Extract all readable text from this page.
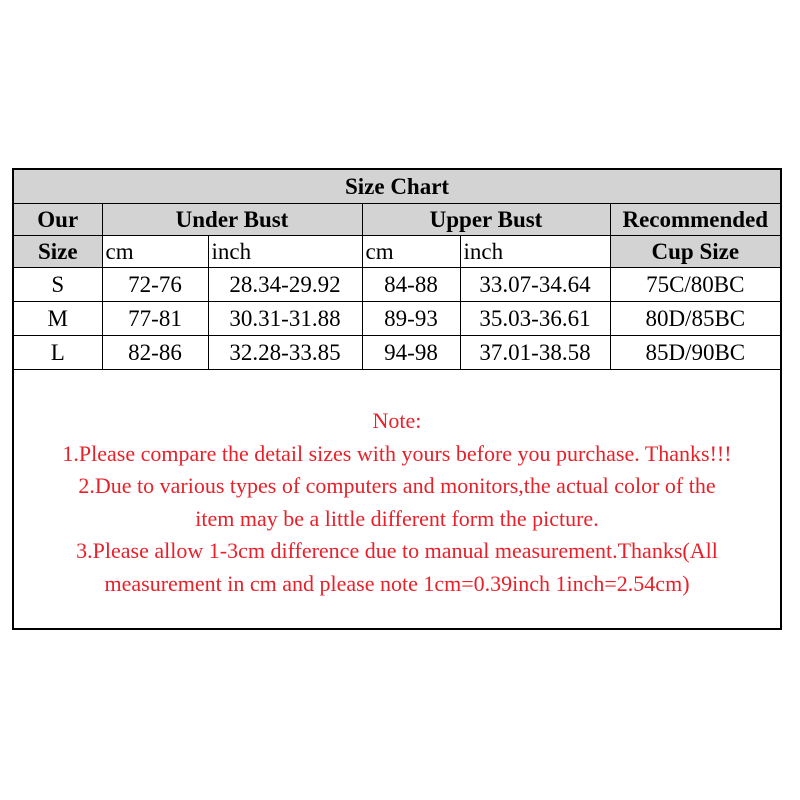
Size Chart					
Our	Under Bust		Upper Bust		Recommended
Size	cm	inch	cm	inch	Cup Size
S	72-76	28.34-29.92	84-88	33.07-34.64	75C/80BC
M	77-81	30.31-31.88	89-93	35.03-36.61	80D/85BC
L	82-86	32.28-33.85	94-98	37.01-38.58	85D/90BC
Note:
1.Please compare the detail sizes with yours before you purchase. Thanks!!!
2.Due to various types of computers and monitors,the actual color of the
item may be a little different form the picture.
3.Please allow 1-3cm difference due to manual measurement.Thanks(All
measurement in cm and please note 1cm=0.39inch 1inch=2.54cm)
